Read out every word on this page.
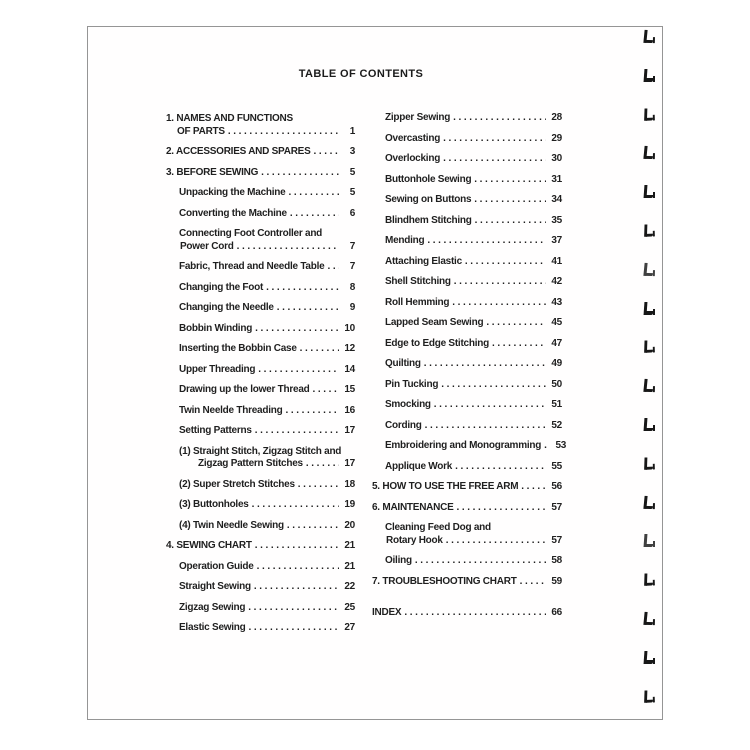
TABLE OF CONTENTS
1. NAMES AND FUNCTIONS
OF PARTS .....	1
2. ACCESSORIES AND SPARES .....	3
3. BEFORE SEWING .....	5
Unpacking the Machine .....	5
Converting the Machine .....	6
Connecting Foot Controller and
Power Cord .....	7
Fabric, Thread and Needle Table .....	7
Changing the Foot .....	8
Changing the Needle .....	9
Bobbin Winding .....	10
Inserting the Bobbin Case .....	12
Upper Threading .....	14
Drawing up the lower Thread .....	15
Twin Neelde Threading .....	16
Setting Patterns .....	17
(1) Straight Stitch, Zigzag Stitch and
Zigzag Pattern Stitches .....	17
(2) Super Stretch Stitches .....	18
(3) Buttonholes .....	19
(4) Twin Needle Sewing .....	20
4. SEWING CHART .....	21
Operation Guide .....	21
Straight Sewing .....	22
Zigzag Sewing .....	25
Elastic Sewing .....	27
Zipper Sewing .....	28
Overcasting .....	29
Overlocking .....	30
Buttonhole Sewing .....	31
Sewing on Buttons .....	34
Blindhem Stitching .....	35
Mending .....	37
Attaching Elastic .....	41
Shell Stitching .....	42
Roll Hemming .....	43
Lapped Seam Sewing .....	45
Edge to Edge Stitching .....	47
Quilting .....	49
Pin Tucking .....	50
Smocking .....	51
Cording .....	52
Embroidering and Monogramming ..... 53
Applique Work .....	55
5. HOW TO USE THE FREE ARM .....	56
6. MAINTENANCE .....	57
Cleaning Feed Dog and
Rotary Hook .....	57
Oiling .....	58
7. TROUBLESHOOTING CHART .....	59
INDEX .....	66
